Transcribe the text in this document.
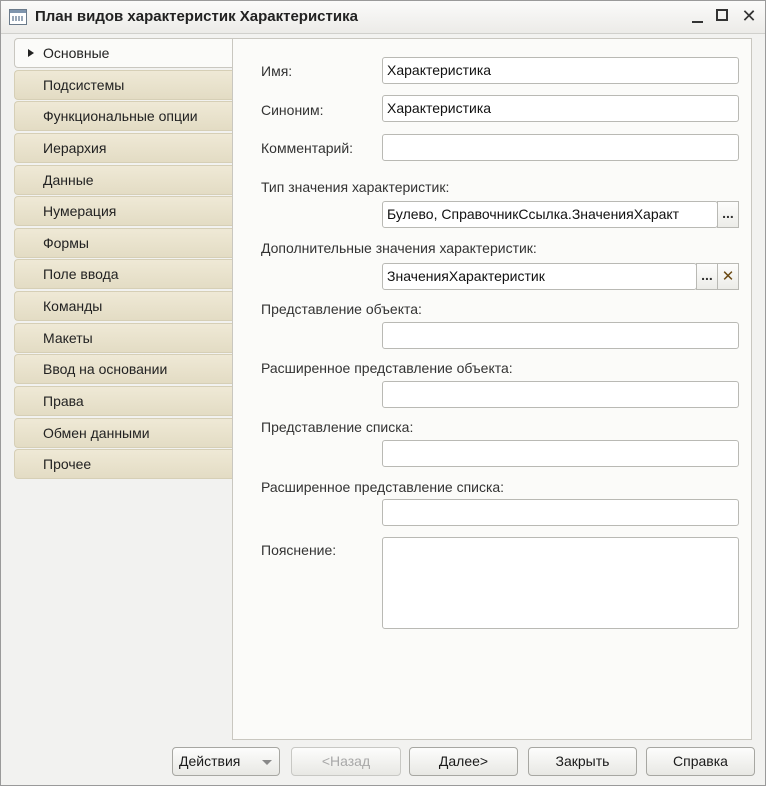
План видов характеристик Характеристика	✕
Основные
Подсистемы
Функциональные опции
Иерархия
Данные
Нумерация
Формы
Поле ввода
Команды
Макеты
Ввод на основании
Права
Обмен данными
Прочее
Имя:	Характеристика
Синоним:	Характеристика
Комментарий:
Тип значения характеристик:
Булево, СправочникСсылка.ЗначенияХаракт	...
Дополнительные значения характеристик:
ЗначенияХарактеристик	... ✕
Представление объекта:
Расширенное представление объекта:
Представление списка:
Расширенное представление списка:
Пояснение:
Действия	<Назад	Далее>	Закрыть	Справка
